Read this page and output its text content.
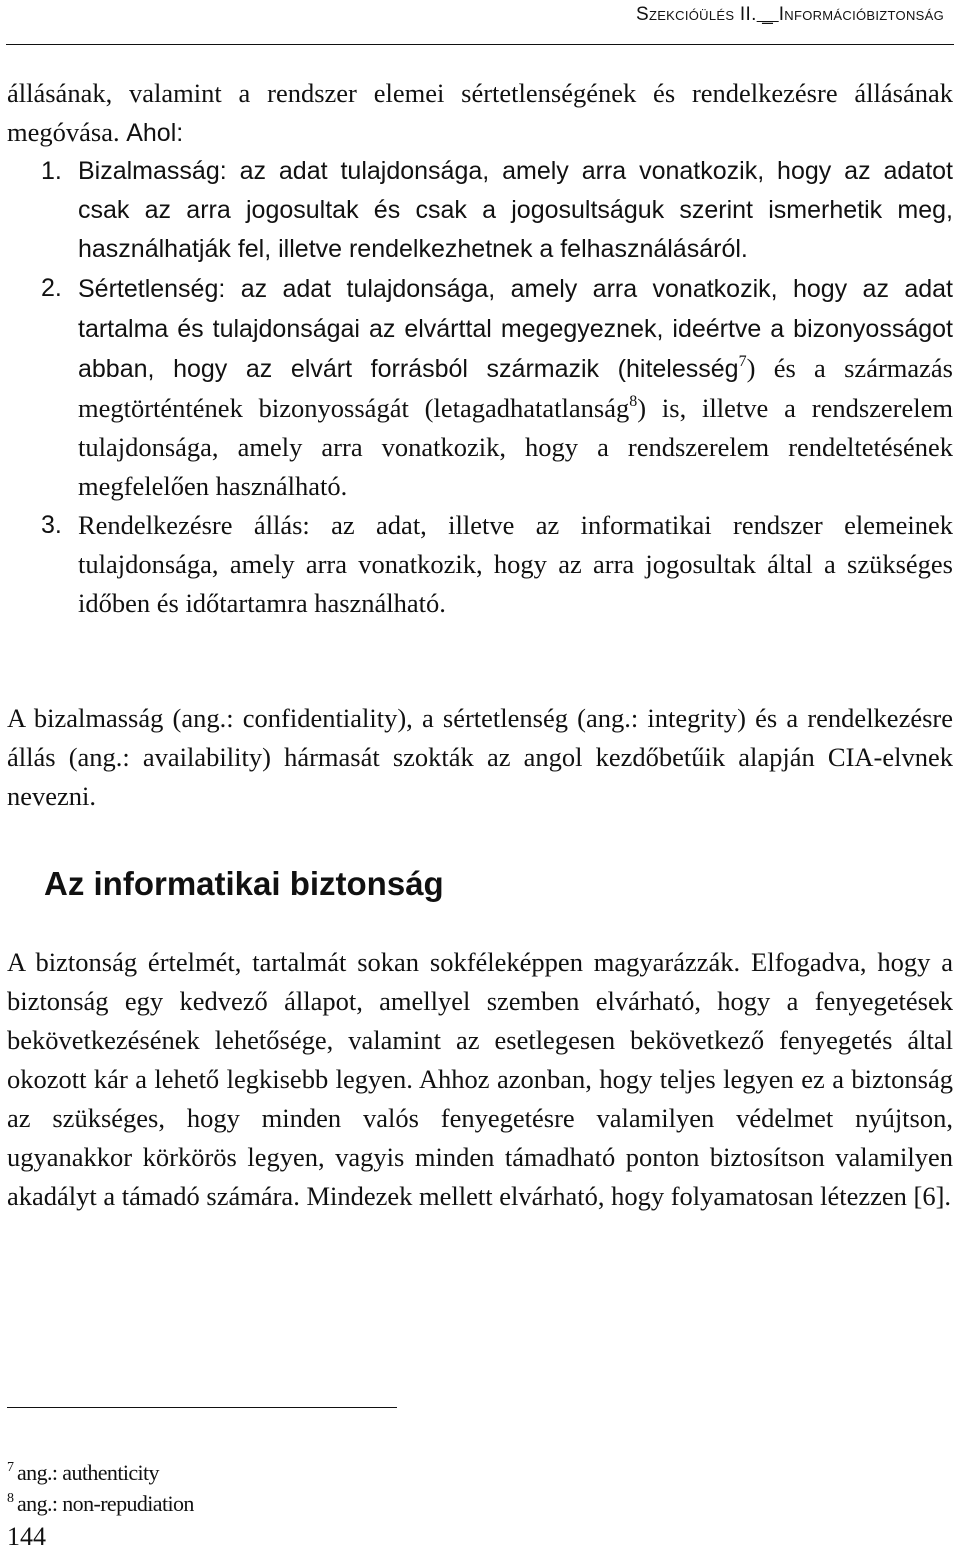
Szekcióülés II. _ Információbiztonság

állásának, valamint a rendszer elemei sértetlenségének és rendelkezésre állásának megóvása. Ahol:

1. Bizalmasság: az adat tulajdonsága, amely arra vonatkozik, hogy az adatot csak az arra jogosultak és csak a jogosultságuk szerint ismerhetik meg, használhatják fel, illetve rendelkezhetnek a felhasználásáról.
2. Sértetlenség: az adat tulajdonsága, amely arra vonatkozik, hogy az adat tartalma és tulajdonságai az elvárttal megegyeznek, ideértve a bizonyosságot abban, hogy az elvárt forrásból származik (hitelesség$^7$) és a származás megtörténtének bizonyosságát (letagadhatatlanság$^8$) is, illetve a rendszerelem tulajdonsága, amely arra vonatkozik, hogy a rendszerelem rendeltetésének megfelelően használható.
3. Rendelkezésre állás: az adat, illetve az informatikai rendszer elemeinek tulajdonsága, amely arra vonatkozik, hogy az arra jogosultak által a szükséges időben és időtartamra használható.

A bizalmasság (ang.: confidentiality), a sértetlenség (ang.: integrity) és a rendelkezésre állás (ang.: availability) hármasát szokták az angol kezdőbetűik alapján CIA-elvnek nevezni.

Az informatikai biztonság

A biztonság értelmét, tartalmát sokan sokféleképpen magyarázzák. Elfogadva, hogy a biztonság egy kedvező állapot, amellyel szemben elvárható, hogy a fenyegetések bekövetkezésének lehetősége, valamint az esetlegesen bekövetkező fenyegetés által okozott kár a lehető legkisebb legyen. Ahhoz azonban, hogy teljes legyen ez a biztonság az szükséges, hogy minden valós fenyegetésre valamilyen védelmet nyújtson, ugyanakkor körkörös legyen, vagyis minden támadható ponton biztosítson valamilyen akadályt a támadó számára. Mindezek mellett elvárható, hogy folyamatosan létezzen [6].

$^7$ ang.: authenticity
$^8$ ang.: non-repudiation
144
